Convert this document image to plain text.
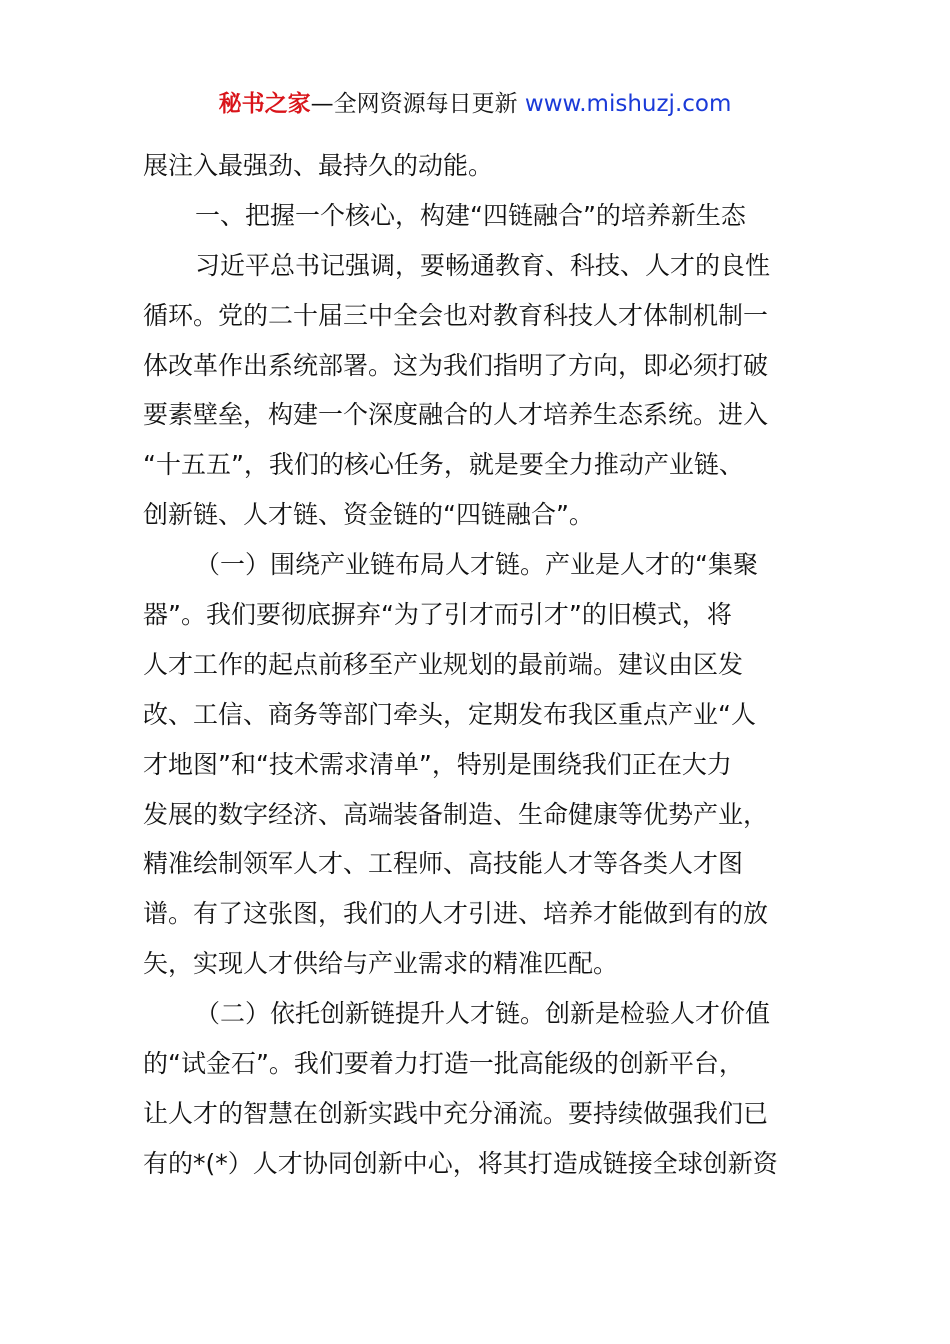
秘书之家—全网资源每日更新 www.mishuzj.com
展注入最强劲、最持久的动能。
一、把握一个核心，构建“四链融合”的培养新生态
习近平总书记强调，要畅通教育、科技、人才的良性
循环。党的二十届三中全会也对教育科技人才体制机制一
体改革作出系统部署。这为我们指明了方向，即必须打破
要素壁垒，构建一个深度融合的人才培养生态系统。进入
“十五五”，我们的核心任务，就是要全力推动产业链、
创新链、人才链、资金链的“四链融合”。
（一）围绕产业链布局人才链。产业是人才的“集聚
器”。我们要彻底摒弃“为了引才而引才”的旧模式，将
人才工作的起点前移至产业规划的最前端。建议由区发
改、工信、商务等部门牵头，定期发布我区重点产业“人
才地图”和“技术需求清单”，特别是围绕我们正在大力
发展的数字经济、高端装备制造、生命健康等优势产业，
精准绘制领军人才、工程师、高技能人才等各类人才图
谱。有了这张图，我们的人才引进、培养才能做到有的放
矢，实现人才供给与产业需求的精准匹配。
（二）依托创新链提升人才链。创新是检验人才价值
的“试金石”。我们要着力打造一批高能级的创新平台，
让人才的智慧在创新实践中充分涌流。要持续做强我们已
有的*(*）人才协同创新中心，将其打造成链接全球创新资
